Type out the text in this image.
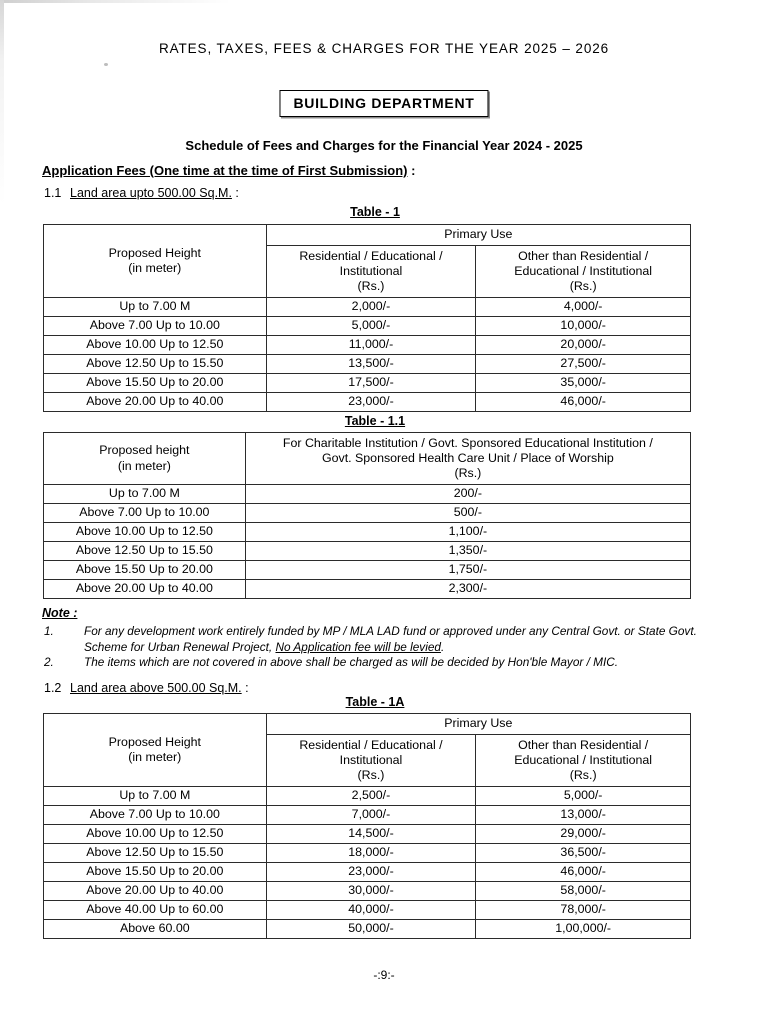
RATES, TAXES, FEES & CHARGES FOR THE YEAR 2025 – 2026
BUILDING DEPARTMENT
Schedule of Fees and Charges for the Financial Year 2024 - 2025
Application Fees (One time at the time of First Submission) :
1.1 Land area upto 500.00 Sq.M. :
Table - 1
Proposed Height
(in meter)	Primary Use	

Residential / Educational /
Institutional
(Rs.)

Other than Residential /
Educational / Institutional
(Rs.)

Up to 7.00 M	2,000/-	4,000/-
Above 7.00 Up to 10.00	5,000/-	10,000/-
Above 10.00 Up to 12.50	11,000/-	20,000/-
Above 12.50 Up to 15.50	13,500/-	27,500/-
Above 15.50 Up to 20.00	17,500/-	35,000/-
Above 20.00 Up to 40.00	23,000/-	46,000/-
Table - 1.1
Proposed height
(in meter)

For Charitable Institution / Govt. Sponsored Educational Institution /
Govt. Sponsored Health Care Unit / Place of Worship
(Rs.)

Up to 7.00 M	200/-
Above 7.00 Up to 10.00	500/-
Above 10.00 Up to 12.50	1,100/-
Above 12.50 Up to 15.50	1,350/-
Above 15.50 Up to 20.00	1,750/-
Above 20.00 Up to 40.00	2,300/-
Note :
1.	For any development work entirely funded by MP / MLA LAD fund or approved under any Central Govt. or State Govt. Scheme for Urban Renewal Project, No Application fee will be levied.
2.	The items which are not covered in above shall be charged as will be decided by Hon'ble Mayor / MIC.
1.2 Land area above 500.00 Sq.M. :
Table - 1A
Proposed Height
(in meter)	Primary Use	

Residential / Educational /
Institutional
(Rs.)

Other than Residential /
Educational / Institutional
(Rs.)

Up to 7.00 M	2,500/-	5,000/-
Above 7.00 Up to 10.00	7,000/-	13,000/-
Above 10.00 Up to 12.50	14,500/-	29,000/-
Above 12.50 Up to 15.50	18,000/-	36,500/-
Above 15.50 Up to 20.00	23,000/-	46,000/-
Above 20.00 Up to 40.00	30,000/-	58,000/-
Above 40.00 Up to 60.00	40,000/-	78,000/-
Above 60.00	50,000/-	1,00,000/-
-:9:-
